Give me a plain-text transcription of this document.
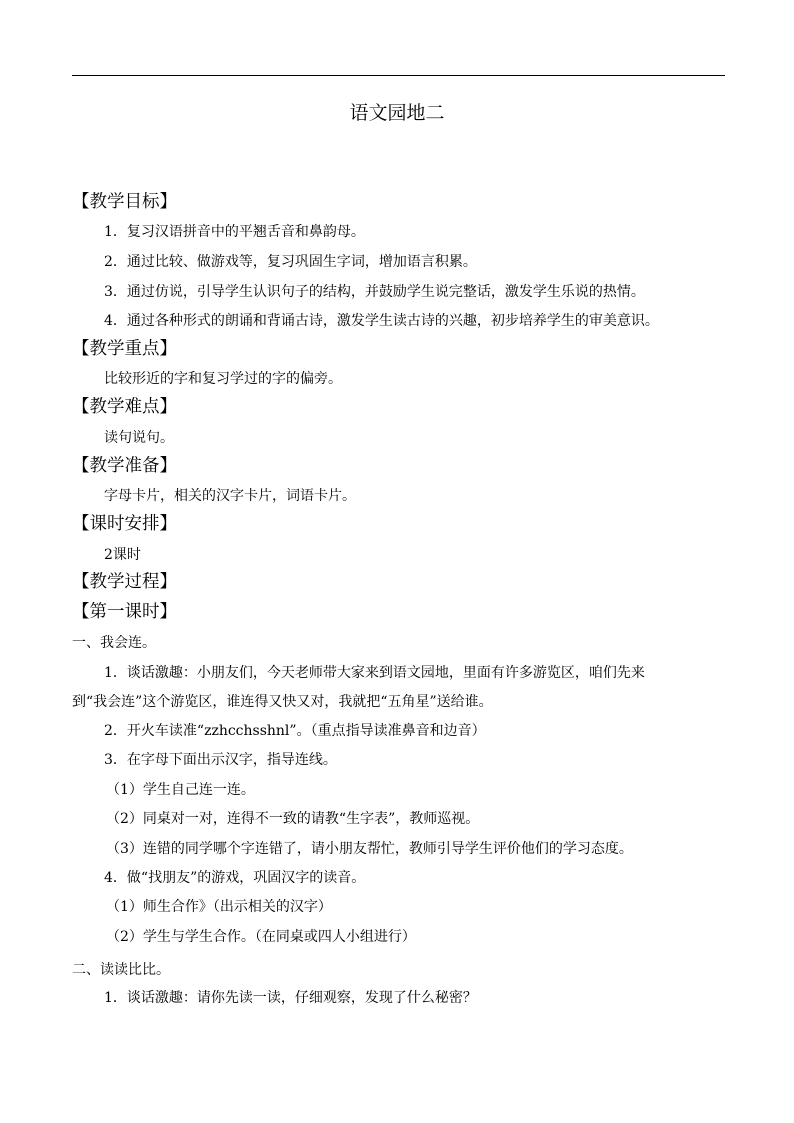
语文园地二
【教学目标】
1．复习汉语拼音中的平翘舌音和鼻韵母。
2．通过比较、做游戏等，复习巩固生字词，增加语言积累。
3．通过仿说，引导学生认识句子的结构，并鼓励学生说完整话，激发学生乐说的热情。
4．通过各种形式的朗诵和背诵古诗，激发学生读古诗的兴趣，初步培养学生的审美意识。
【教学重点】
比较形近的字和复习学过的字的偏旁。
【教学难点】
读句说句。
【教学准备】
字母卡片，相关的汉字卡片，词语卡片。
【课时安排】
2课时
【教学过程】
【第一课时】
一、我会连。
1．谈话激趣：小朋友们，今天老师带大家来到语文园地，里面有许多游览区，咱们先来
到“我会连”这个游览区，谁连得又快又对，我就把“五角星”送给谁。
2．开火车读准“zzhcchsshnl”。（重点指导读准鼻音和边音）
3．在字母下面出示汉字，指导连线。
（1）学生自己连一连。
（2）同桌对一对，连得不一致的请教“生字表”，教师巡视。
（3）连错的同学哪个字连错了，请小朋友帮忙，教师引导学生评价他们的学习态度。
4．做“找朋友”的游戏，巩固汉字的读音。
（1）师生合作》（出示相关的汉字）
（2）学生与学生合作。（在同桌或四人小组进行）
二、读读比比。
1．谈话激趣：请你先读一读，仔细观察，发现了什么秘密？
